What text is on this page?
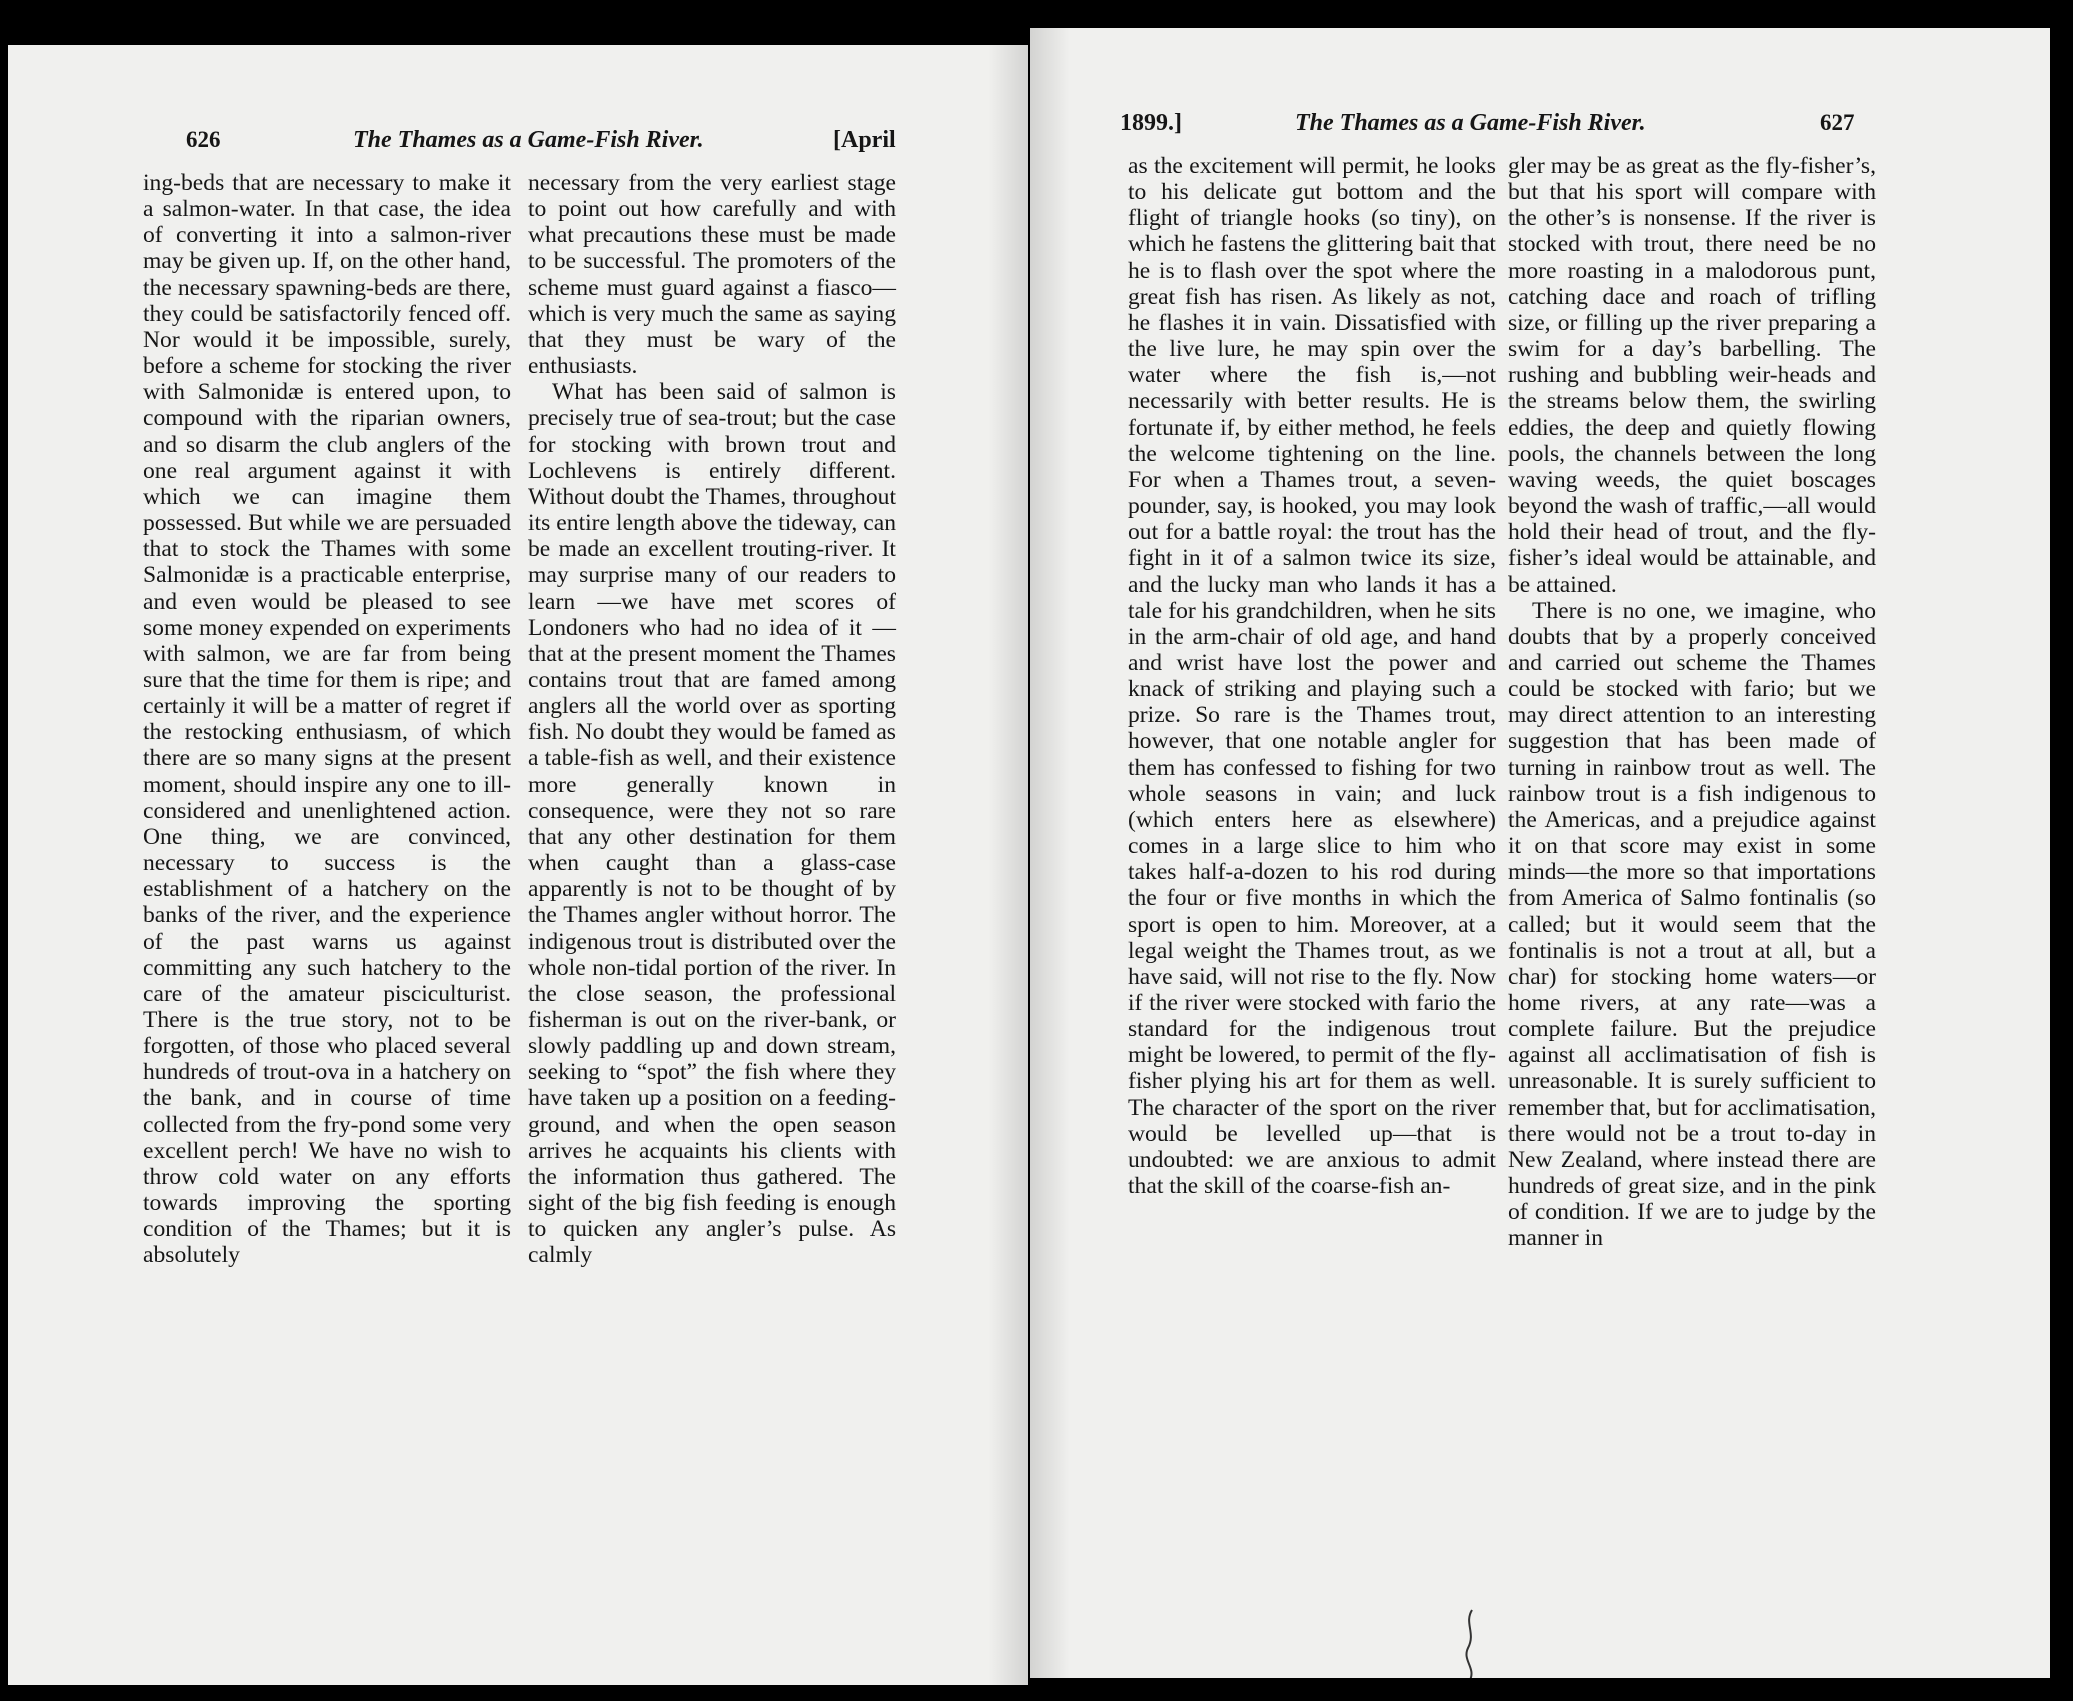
626	The Thames as a Game-Fish River.	[April

ing-beds that are necessary to make it a salmon-water. In that case, the idea of converting it into a salmon-river may be given up. If, on the other hand, the necessary spawning-beds are there, they could be satisfactorily fenced off. Nor would it be impossible, surely, before a scheme for stocking the river with Salmonidæ is entered upon, to compound with the riparian owners, and so disarm the club anglers of the one real argument against it with which we can imagine them possessed. But while we are persuaded that to stock the Thames with some Salmonidæ is a practicable enterprise, and even would be pleased to see some money expended on experiments with salmon, we are far from being sure that the time for them is ripe; and certainly it will be a matter of regret if the restocking enthusiasm, of which there are so many signs at the present moment, should inspire any one to ill-considered and unenlightened action. One thing, we are convinced, necessary to success is the establishment of a hatchery on the banks of the river, and the experience of the past warns us against committing any such hatchery to the care of the amateur pisciculturist. There is the true story, not to be forgotten, of those who placed several hundreds of trout-ova in a hatchery on the bank, and in course of time collected from the fry-pond some very excellent perch! We have no wish to throw cold water on any efforts towards improving the sporting condition of the Thames; but it is absolutely

necessary from the very earliest stage to point out how carefully and with what precautions these must be made to be successful. The promoters of the scheme must guard against a fiasco—which is very much the same as saying that they must be wary of the enthusiasts.

What has been said of salmon is precisely true of sea-trout; but the case for stocking with brown trout and Lochlevens is entirely different. Without doubt the Thames, throughout its entire length above the tideway, can be made an excellent trouting-river. It may surprise many of our readers to learn —we have met scores of Londoners who had no idea of it —that at the present moment the Thames contains trout that are famed among anglers all the world over as sporting fish. No doubt they would be famed as a table-fish as well, and their existence more generally known in consequence, were they not so rare that any other destination for them when caught than a glass-case apparently is not to be thought of by the Thames angler without horror. The indigenous trout is distributed over the whole non-tidal portion of the river. In the close season, the professional fisherman is out on the river-bank, or slowly paddling up and down stream, seeking to “spot” the fish where they have taken up a position on a feeding-ground, and when the open season arrives he acquaints his clients with the information thus gathered. The sight of the big fish feeding is enough to quicken any angler’s pulse. As calmly

1899.]	The Thames as a Game-Fish River.	627

as the excitement will permit, he looks to his delicate gut bottom and the flight of triangle hooks (so tiny), on which he fastens the glittering bait that he is to flash over the spot where the great fish has risen. As likely as not, he flashes it in vain. Dissatisfied with the live lure, he may spin over the water where the fish is,—not necessarily with better results. He is fortunate if, by either method, he feels the welcome tightening on the line. For when a Thames trout, a seven-pounder, say, is hooked, you may look out for a battle royal: the trout has the fight in it of a salmon twice its size, and the lucky man who lands it has a tale for his grandchildren, when he sits in the arm-chair of old age, and hand and wrist have lost the power and knack of striking and playing such a prize. So rare is the Thames trout, however, that one notable angler for them has confessed to fishing for two whole seasons in vain; and luck (which enters here as elsewhere) comes in a large slice to him who takes half-a-dozen to his rod during the four or five months in which the sport is open to him. Moreover, at a legal weight the Thames trout, as we have said, will not rise to the fly. Now if the river were stocked with fario the standard for the indigenous trout might be lowered, to permit of the fly-fisher plying his art for them as well. The character of the sport on the river would be levelled up—that is undoubted: we are anxious to admit that the skill of the coarse-fish an-

gler may be as great as the fly-fisher’s, but that his sport will compare with the other’s is nonsense. If the river is stocked with trout, there need be no more roasting in a malodorous punt, catching dace and roach of trifling size, or filling up the river preparing a swim for a day’s barbelling. The rushing and bubbling weir-heads and the streams below them, the swirling eddies, the deep and quietly flowing pools, the channels between the long waving weeds, the quiet boscages beyond the wash of traffic,—all would hold their head of trout, and the fly-fisher’s ideal would be attainable, and be attained.

There is no one, we imagine, who doubts that by a properly conceived and carried out scheme the Thames could be stocked with fario; but we may direct attention to an interesting suggestion that has been made of turning in rainbow trout as well. The rainbow trout is a fish indigenous to the Americas, and a prejudice against it on that score may exist in some minds—the more so that importations from America of Salmo fontinalis (so called; but it would seem that the fontinalis is not a trout at all, but a char) for stocking home waters—or home rivers, at any rate—was a complete failure. But the prejudice against all acclimatisation of fish is unreasonable. It is surely sufficient to remember that, but for acclimatisation, there would not be a trout to-day in New Zealand, where instead there are hundreds of great size, and in the pink of condition. If we are to judge by the manner in
